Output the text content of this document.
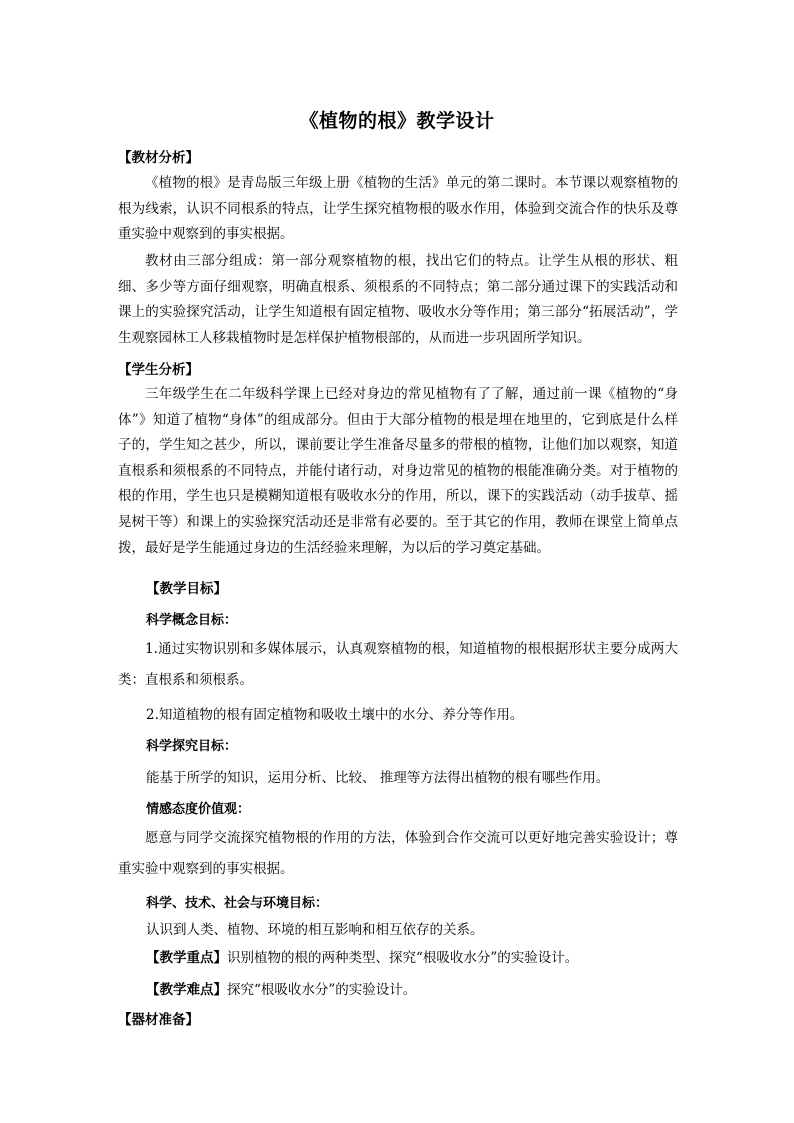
《植物的根》教学设计
【教材分析】
《植物的根》是青岛版三年级上册《植物的生活》单元的第二课时。本节课以观察植物的根为线索，认识不同根系的特点，让学生探究植物根的吸水作用，体验到交流合作的快乐及尊重实验中观察到的事实根据。
教材由三部分组成：第一部分观察植物的根，找出它们的特点。让学生从根的形状、粗细、多少等方面仔细观察，明确直根系、须根系的不同特点；第二部分通过课下的实践活动和课上的实验探究活动，让学生知道根有固定植物、吸收水分等作用；第三部分“拓展活动”，学生观察园林工人移栽植物时是怎样保护植物根部的，从而进一步巩固所学知识。
【学生分析】
三年级学生在二年级科学课上已经对身边的常见植物有了了解，通过前一课《植物的“身体”》知道了植物“身体”的组成部分。但由于大部分植物的根是埋在地里的，它到底是什么样子的，学生知之甚少，所以，课前要让学生准备尽量多的带根的植物，让他们加以观察，知道直根系和须根系的不同特点，并能付诸行动，对身边常见的植物的根能准确分类。对于植物的根的作用，学生也只是模糊知道根有吸收水分的作用，所以，课下的实践活动（动手拔草、摇晃树干等）和课上的实验探究活动还是非常有必要的。至于其它的作用，教师在课堂上简单点拨，最好是学生能通过身边的生活经验来理解，为以后的学习奠定基础。
【教学目标】
科学概念目标：
1.通过实物识别和多媒体展示，认真观察植物的根，知道植物的根根据形状主要分成两大类：直根系和须根系。
2.知道植物的根有固定植物和吸收土壤中的水分、养分等作用。
科学探究目标：
能基于所学的知识，运用分析、比较、 推理等方法得出植物的根有哪些作用。
情感态度价值观：
愿意与同学交流探究植物根的作用的方法，体验到合作交流可以更好地完善实验设计；尊重实验中观察到的事实根据。
科学、技术、社会与环境目标：
认识到人类、植物、环境的相互影响和相互依存的关系。
【教学重点】识别植物的根的两种类型、探究“根吸收水分”的实验设计。
【教学难点】探究“根吸收水分”的实验设计。
【器材准备】
